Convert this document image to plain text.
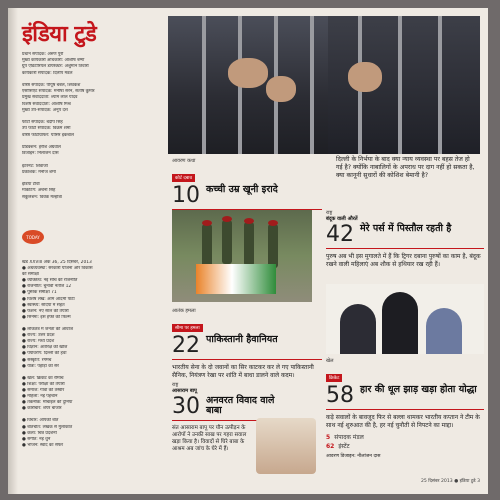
इंडिया टुडे
प्रधान संपादक: अरुण पुरी
मुख्य कार्यकारी अधिकारी: आशीष बग्गा
ग्रुप एडिटोरियल डायरेक्टर: अंशुमान तिवारी
कार्यकारी संपादक: दिलीप मंडल

वरिष्ठ संपादक: पीयूष बबेले, शिवकेश
एसोसिएट संपादक: मनीषा सरन, संतोष कुमार
प्रमुख संवाददाता: श्याम लाल यादव
विशेष संवाददाता: आशीष मिश्र
मुख्य उप-संपादक: अनूप दत्त

फोटो संपादक: बंदीप सिंह
उप फोटो संपादक: विक्रम शर्मा
वरिष्ठ फोटोग्राफर: यासिर इकबाल

प्रोडक्शन: हरीश अग्रवाल
डिजाइन: निलांजन दास

इंटरनेट: शिवाजी
प्रकाशक: मनोज शर्मा

इंडिया टीवी
मार्केटिंग: अर्चना सिंह
सर्कुलेशन: विवेक मल्होत्रा
TODAY
खंड XXVIII अंक 36, 25 दिसंबर, 2013
● अर्थव्यवस्था: सरकारी योजना और विकास
की समीक्षा
● व्यक्तित्व: नई सोच की राजनीति
● राजनीति: चुनावी नतीजे 12
● पुस्तक समीक्षा 71
● विशेष लेख: आम आदमी पार्टी
● स्वास्थ्य: सर्दियों में सेहत
● फैशन: नए साल की तैयारी
● सिनेमा: इस हफ्ते की फिल्में

● लोकतंत्र में जनता की आवाज
● राज्य: उत्तर प्रदेश
● राज्य: मध्य प्रदेश
● विज्ञान: अंतरिक्ष की खोज
● पर्यावरण: दिल्ली की हवा
● संस्कृति: रंगमंच
● यात्रा: पहाड़ों की सैर

● खेल: क्रिकेट का रोमांच
● शिक्षा: परीक्षा की तैयारी
● समाज: गांवों की तस्वीर
● महिला: नई पहचान
● तकनीक: मोबाइल की दुनिया
● कारोबार: शेयर बाजार

● विचार: आपकी बात
● बातचीत: लेखक से मुलाकात
● कला: चित्र प्रदर्शनी
● संगीत: नई धुनें
● भोजन: स्वाद का सफर
दिल्ली के निर्भया के बाद क्या न्याय व्यवस्था पर बहस तेज हो गई है? क्योंकि नाबालिगों के अपराध पर दाग नहीं हो सकता है, क्या कानूनी सुधारों की कोशिश बेमानी है?
आवरण कथा
कोर्ट दबाव
10 कच्ची उम्र खूनी इरादे
राष्ट्र
बंदूक वाली औरतें
42 मेरे पर्स में पिस्तौल रहती है
पुरुष अब भी इस मुगालते में हैं कि ट्रिगर दबाना पुरुषों का काम है, बंदूक रखने वाली महिलाएं अब शौक से हथियार रख रही हैं।
आतंक हमला
सीमा पर हमला
22 पाकिस्तानी हैवानियत
भारतीय सेना के दो जवानों का सिर काटकर कर ले गए पाकिस्तानी सैनिक, नियंत्रण रेखा पर शांति में बाधा डालने वाले कदम।
राष्ट्र
आसाराम बापू
30 अनवरत विवाद वाले बाबा
संत आसाराम बापू पर यौन उत्पीड़न के आरोपों ने उनकी साख पर गहरा सवाल खड़ा किया है। विवादों से घिरे बाबा के आश्रम अब जांच के घेरे में हैं।
खेल
क्रिकेट
58 हार की धूल झाड़ खड़ा होता योद्धा
कड़े सवालों के बावजूद फिर से बल्ला थामकर भारतीय कप्तान ने टीम के साथ नई शुरुआत की है, हर नई चुनौती से निपटने का माद्दा।
5 संपादक मंडल
62 इंस्टेंट
आवरण डिजाइन: नीलांजन दास
25 दिसंबर 2013 ● इंडिया टुडे 3
